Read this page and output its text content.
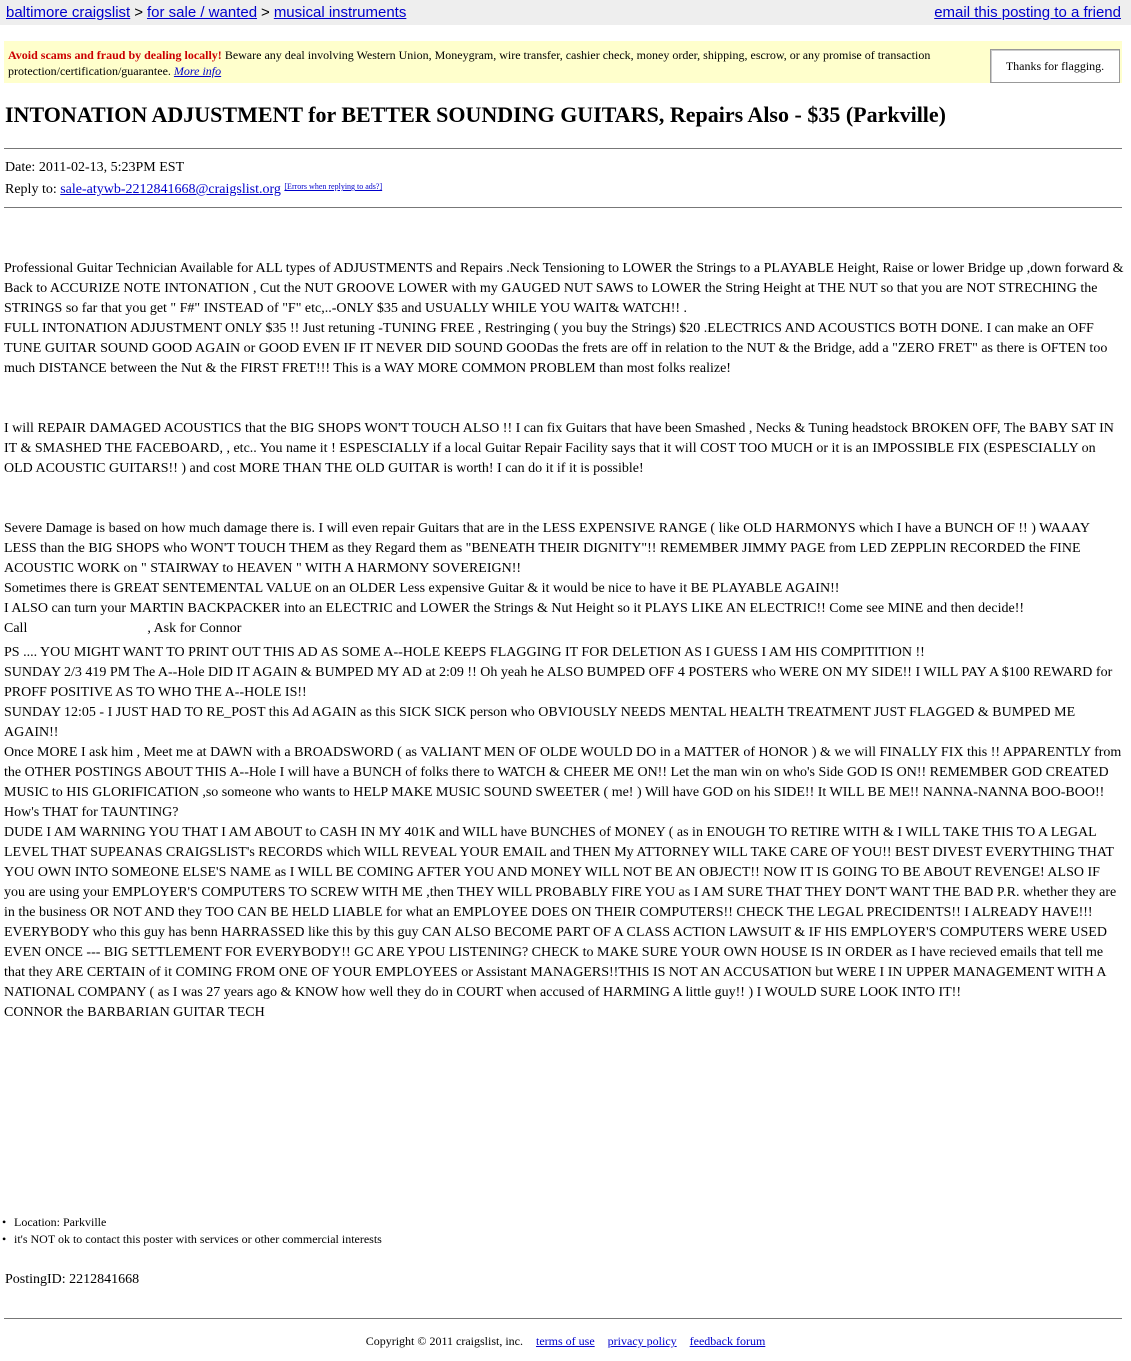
baltimore craigslist > for sale / wanted > musical instruments	email this posting to a friend
Avoid scams and fraud by dealing locally! Beware any deal involving Western Union, Moneygram, wire transfer, cashier check, money order, shipping, escrow, or any promise of transaction protection/certification/guarantee. More info	Thanks for flagging.
INTONATION ADJUSTMENT for BETTER SOUNDING GUITARS, Repairs Also - $35 (Parkville)
Date: 2011-02-13, 5:23PM EST
Reply to: sale-atywb-2212841668@craigslist.org [Errors when replying to ads?]

Professional Guitar Technician Available for ALL types of ADJUSTMENTS and Repairs .Neck Tensioning to LOWER the Strings to a PLAYABLE Height, Raise or lower Bridge up ,down forward & Back to ACCURIZE NOTE INTONATION , Cut the NUT GROOVE LOWER with my GAUGED NUT SAWS to LOWER the String Height at THE NUT so that you are NOT STRECHING the STRINGS so far that you get " F#" INSTEAD of "F" etc,..-ONLY $35 and USUALLY WHILE YOU WAIT& WATCH!! .

FULL INTONATION ADJUSTMENT ONLY $35 !! Just retuning -TUNING FREE , Restringing ( you buy the Strings) $20 .ELECTRICS AND ACOUSTICS BOTH DONE. I can make an OFF TUNE GUITAR SOUND GOOD AGAIN or GOOD EVEN IF IT NEVER DID SOUND GOODas the frets are off in relation to the NUT & the Bridge, add a "ZERO FRET" as there is OFTEN too much DISTANCE between the Nut & the FIRST FRET!!! This is a WAY MORE COMMON PROBLEM than most folks realize!

I will REPAIR DAMAGED ACOUSTICS that the BIG SHOPS WON'T TOUCH ALSO !! I can fix Guitars that have been Smashed , Necks & Tuning headstock BROKEN OFF, The BABY SAT IN IT & SMASHED THE FACEBOARD, , etc.. You name it ! ESPESCIALLY if a local Guitar Repair Facility says that it will COST TOO MUCH or it is an IMPOSSIBLE FIX (ESPESCIALLY on OLD ACOUSTIC GUITARS!! ) and cost MORE THAN THE OLD GUITAR is worth! I can do it if it is possible!

Severe Damage is based on how much damage there is. I will even repair Guitars that are in the LESS EXPENSIVE RANGE ( like OLD HARMONYS which I have a BUNCH OF !! ) WAAAY LESS than the BIG SHOPS who WON'T TOUCH THEM as they Regard them as "BENEATH THEIR DIGNITY"!! REMEMBER JIMMY PAGE from LED ZEPPLIN RECORDED the FINE ACOUSTIC WORK on " STAIRWAY to HEAVEN " WITH A HARMONY SOVEREIGN!!

Sometimes there is GREAT SENTEMENTAL VALUE on an OLDER Less expensive Guitar & it would be nice to have it BE PLAYABLE AGAIN!!

I ALSO can turn your MARTIN BACKPACKER into an ELECTRIC and LOWER the Strings & Nut Height so it PLAYS LIKE AN ELECTRIC!! Come see MINE and then decide!!

Call	, Ask for Connor

PS .... YOU MIGHT WANT TO PRINT OUT THIS AD AS SOME A--HOLE KEEPS FLAGGING IT FOR DELETION AS I GUESS I AM HIS COMPITITION !!

SUNDAY 2/3 419 PM The A--Hole DID IT AGAIN & BUMPED MY AD at 2:09 !! Oh yeah he ALSO BUMPED OFF 4 POSTERS who WERE ON MY SIDE!! I WILL PAY A $100 REWARD for PROFF POSITIVE AS TO WHO THE A--HOLE IS!!

SUNDAY 12:05 - I JUST HAD TO RE_POST this Ad AGAIN as this SICK SICK person who OBVIOUSLY NEEDS MENTAL HEALTH TREATMENT JUST FLAGGED & BUMPED ME AGAIN!!

Once MORE I ask him , Meet me at DAWN with a BROADSWORD ( as VALIANT MEN OF OLDE WOULD DO in a MATTER of HONOR ) & we will FINALLY FIX this !! APPARENTLY from the OTHER POSTINGS ABOUT THIS A--Hole I will have a BUNCH of folks there to WATCH & CHEER ME ON!! Let the man win on who's Side GOD IS ON!! REMEMBER GOD CREATED MUSIC to HIS GLORIFICATION ,so someone who wants to HELP MAKE MUSIC SOUND SWEETER ( me! ) Will have GOD on his SIDE!! It WILL BE ME!! NANNA-NANNA BOO-BOO!! How's THAT for TAUNTING?

DUDE I AM WARNING YOU THAT I AM ABOUT to CASH IN MY 401K and WILL have BUNCHES of MONEY ( as in ENOUGH TO RETIRE WITH & I WILL TAKE THIS TO A LEGAL LEVEL THAT SUPEANAS CRAIGSLIST's RECORDS which WILL REVEAL YOUR EMAIL and THEN My ATTORNEY WILL TAKE CARE OF YOU!! BEST DIVEST EVERYTHING THAT YOU OWN INTO SOMEONE ELSE'S NAME as I WILL BE COMING AFTER YOU AND MONEY WILL NOT BE AN OBJECT!! NOW IT IS GOING TO BE ABOUT REVENGE! ALSO IF you are using your EMPLOYER'S COMPUTERS TO SCREW WITH ME ,then THEY WILL PROBABLY FIRE YOU as I AM SURE THAT THEY DON'T WANT THE BAD P.R. whether they are in the business OR NOT AND they TOO CAN BE HELD LIABLE for what an EMPLOYEE DOES ON THEIR COMPUTERS!! CHECK THE LEGAL PRECIDENTS!! I ALREADY HAVE!!!

EVERYBODY who this guy has benn HARRASSED like this by this guy CAN ALSO BECOME PART OF A CLASS ACTION LAWSUIT & IF HIS EMPLOYER'S COMPUTERS WERE USED EVEN ONCE --- BIG SETTLEMENT FOR EVERYBODY!! GC ARE YPOU LISTENING? CHECK to MAKE SURE YOUR OWN HOUSE IS IN ORDER as I have recieved emails that tell me that they ARE CERTAIN of it COMING FROM ONE OF YOUR EMPLOYEES or Assistant MANAGERS!!THIS IS NOT AN ACCUSATION but WERE I IN UPPER MANAGEMENT WITH A NATIONAL COMPANY ( as I was 27 years ago & KNOW how well they do in COURT when accused of HARMING A little guy!! ) I WOULD SURE LOOK INTO IT!!

CONNOR the BARBARIAN GUITAR TECH

• Location: Parkville
• it's NOT ok to contact this poster with services or other commercial interests
PostingID: 2212841668
Copyright © 2011 craigslist, inc. terms of use privacy policy feedback forum
